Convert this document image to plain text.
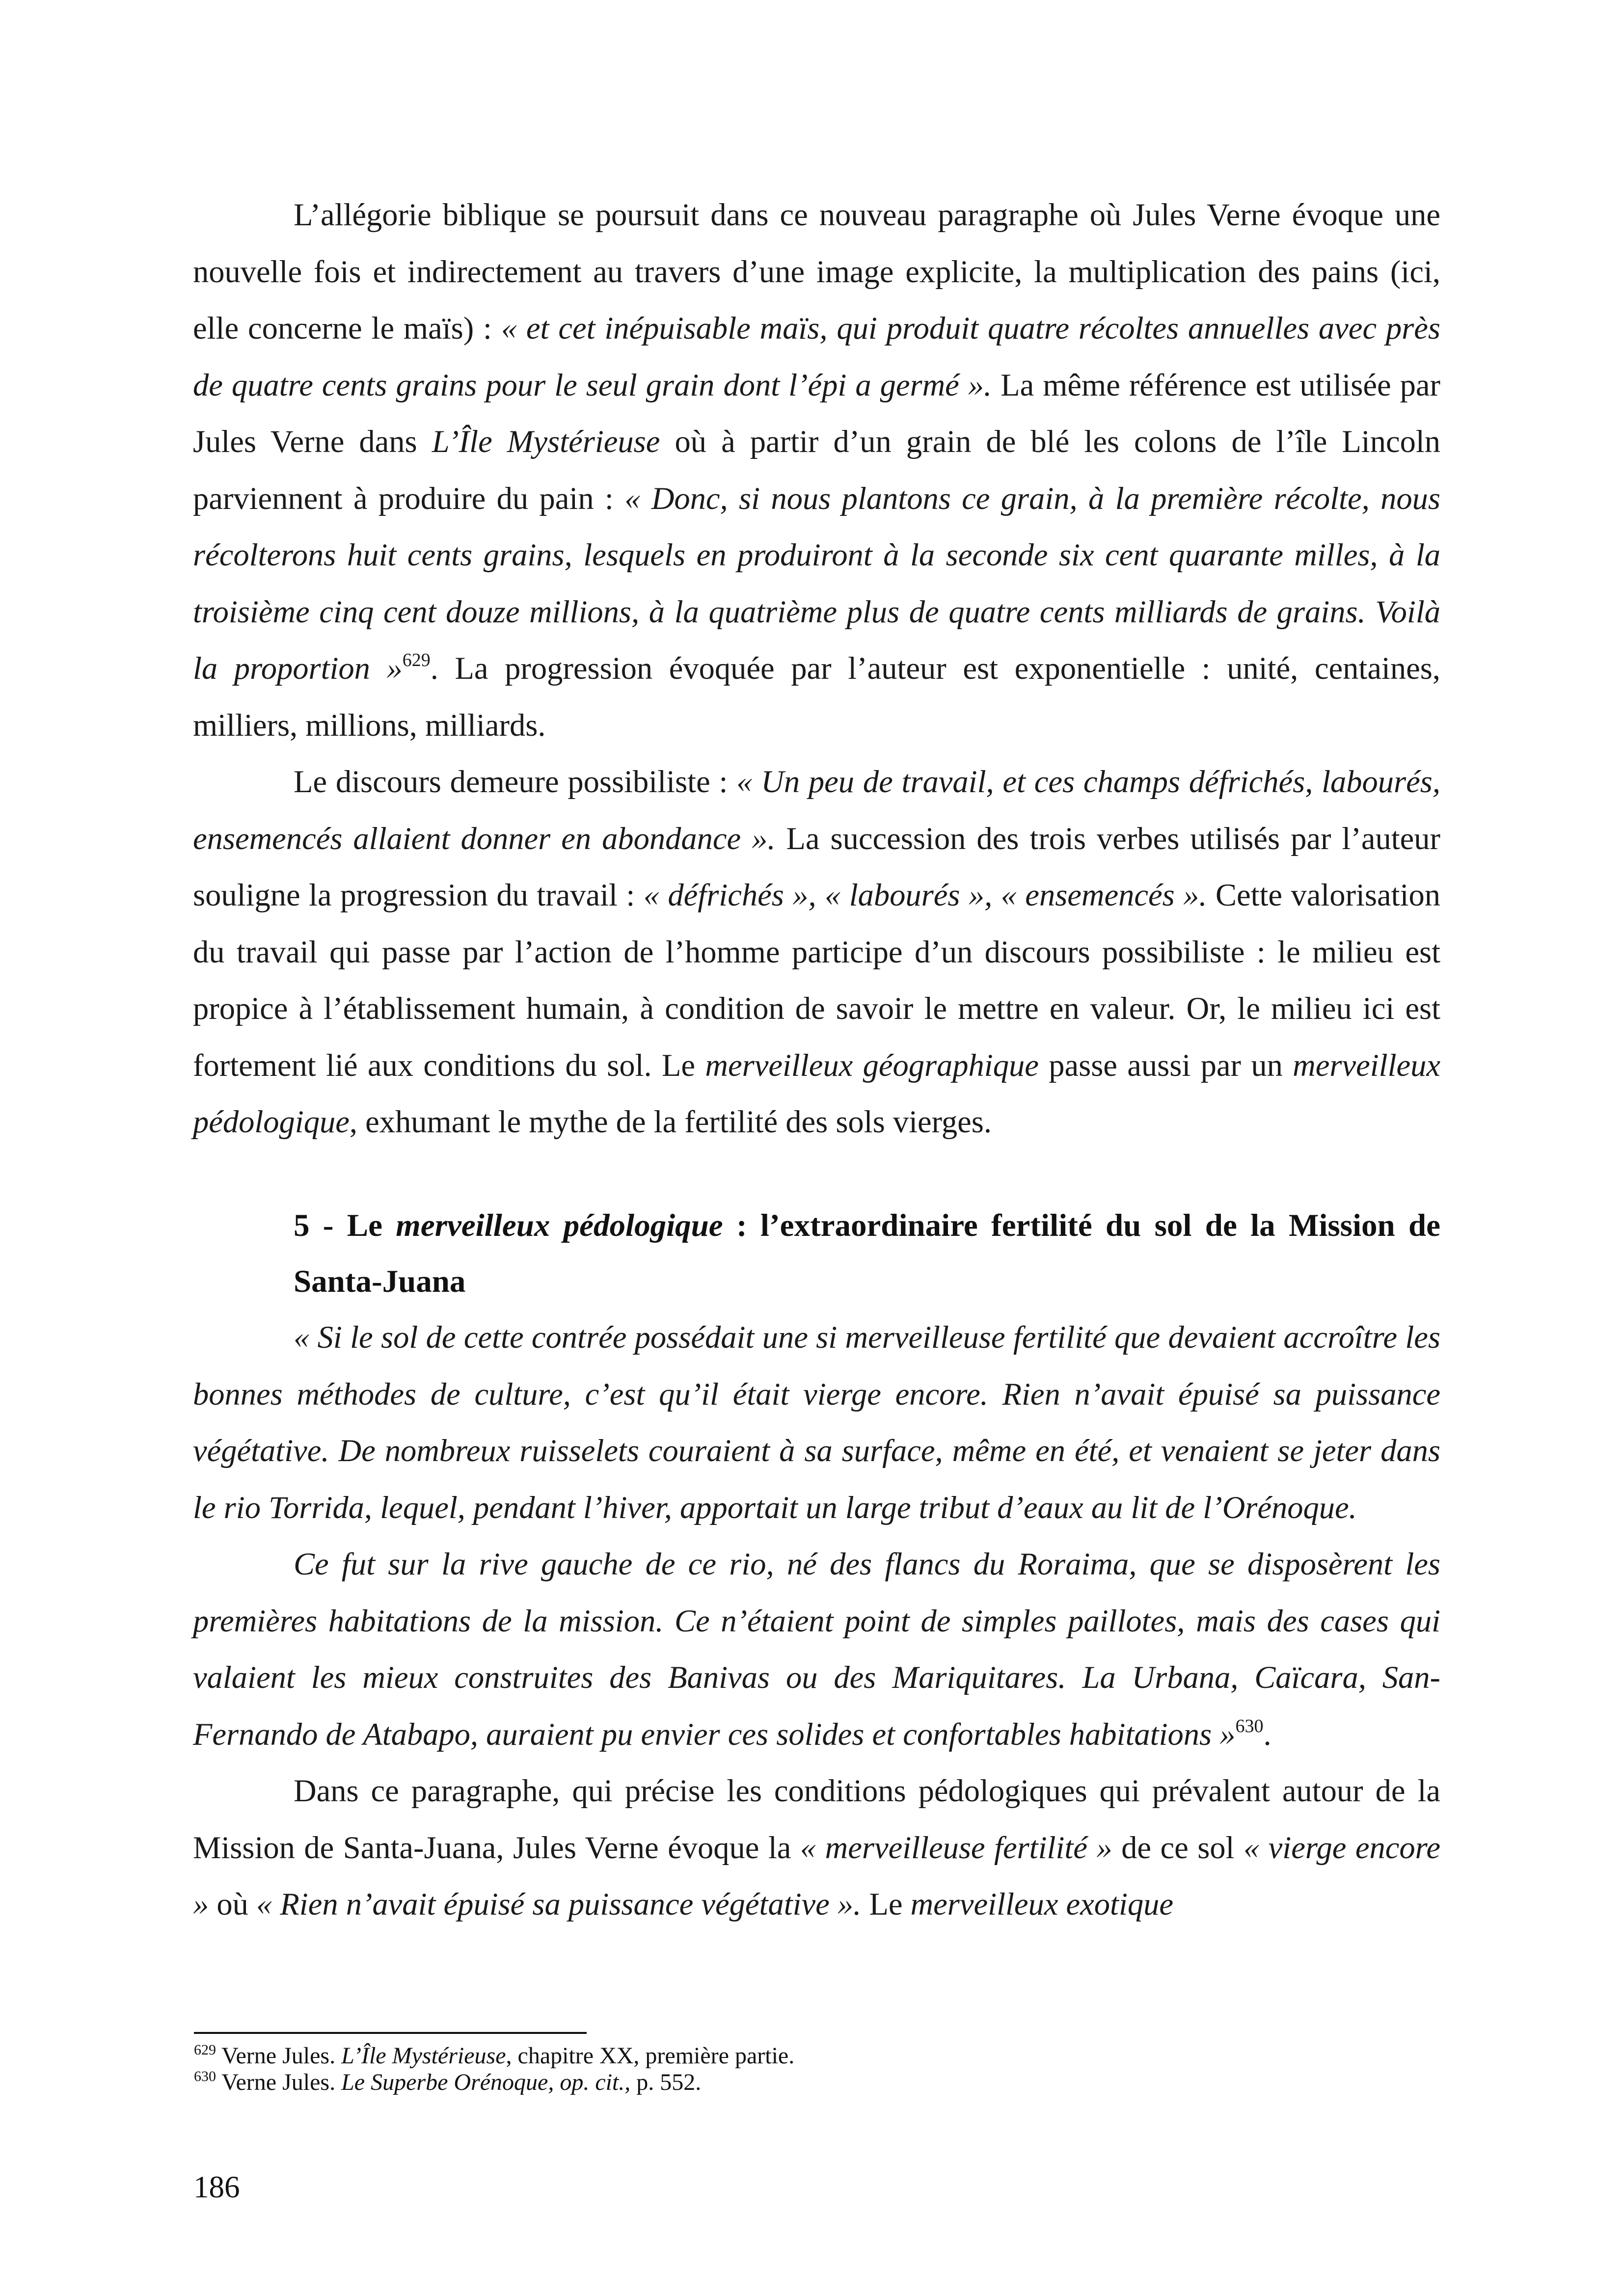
L’allégorie biblique se poursuit dans ce nouveau paragraphe où Jules Verne évoque une nouvelle fois et indirectement au travers d’une image explicite, la multiplication des pains (ici, elle concerne le maïs) : « et cet inépuisable maïs, qui produit quatre récoltes annuelles avec près de quatre cents grains pour le seul grain dont l’épi a germé ». La même référence est utilisée par Jules Verne dans L’Île Mystérieuse où à partir d’un grain de blé les colons de l’île Lincoln parviennent à produire du pain : « Donc, si nous plantons ce grain, à la première récolte, nous récolterons huit cents grains, lesquels en produiront à la seconde six cent quarante milles, à la troisième cinq cent douze millions, à la quatrième plus de quatre cents milliards de grains. Voilà la proportion »$^{629}$. La progression évoquée par l’auteur est exponentielle : unité, centaines, milliers, millions, milliards.

Le discours demeure possibiliste : « Un peu de travail, et ces champs défrichés, labourés, ensemencés allaient donner en abondance ». La succession des trois verbes utilisés par l’auteur souligne la progression du travail : « défrichés », « labourés », « ensemencés ». Cette valorisation du travail qui passe par l’action de l’homme participe d’un discours possibiliste : le milieu est propice à l’établissement humain, à condition de savoir le mettre en valeur. Or, le milieu ici est fortement lié aux conditions du sol. Le merveilleux géographique passe aussi par un merveilleux pédologique, exhumant le mythe de la fertilité des sols vierges.

5 - Le merveilleux pédologique : l’extraordinaire fertilité du sol de la Mission de Santa-Juana

« Si le sol de cette contrée possédait une si merveilleuse fertilité que devaient accroître les bonnes méthodes de culture, c’est qu’il était vierge encore. Rien n’avait épuisé sa puissance végétative. De nombreux ruisselets couraient à sa surface, même en été, et venaient se jeter dans le rio Torrida, lequel, pendant l’hiver, apportait un large tribut d’eaux au lit de l’Orénoque.

Ce fut sur la rive gauche de ce rio, né des flancs du Roraima, que se disposèrent les premières habitations de la mission. Ce n’étaient point de simples paillotes, mais des cases qui valaient les mieux construites des Banivas ou des Mariquitares. La Urbana, Caïcara, San-Fernando de Atabapo, auraient pu envier ces solides et confortables habitations »$^{630}$.

Dans ce paragraphe, qui précise les conditions pédologiques qui prévalent autour de la Mission de Santa-Juana, Jules Verne évoque la « merveilleuse fertilité » de ce sol « vierge encore » où « Rien n’avait épuisé sa puissance végétative ». Le merveilleux exotique

$^{629}$ Verne Jules. L’Île Mystérieuse, chapitre XX, première partie.
$^{630}$ Verne Jules. Le Superbe Orénoque, op. cit., p. 552.
186
